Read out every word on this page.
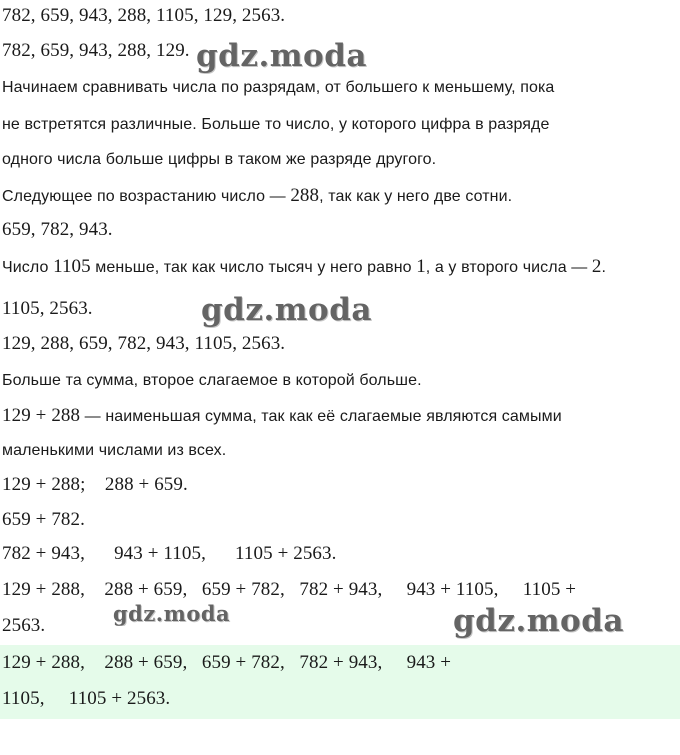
782, 659, 943, 288, 1105, 129, 2563.
782, 659, 943, 288, 129.
Начинаем сравнивать числа по разрядам, от большего к меньшему, пока
не встретятся различные. Больше то число, у которого цифра в разряде
одного числа больше цифры в таком же разряде другого.
Следующее по возрастанию число — 288, так как у него две сотни.
659, 782, 943.
Число 1105 меньше, так как число тысяч у него равно 1, а у второго числа — 2.
1105, 2563.
129, 288, 659, 782, 943, 1105, 2563.
Больше та сумма, второе слагаемое в которой больше.
129 + 288 — наименьшая сумма, так как её слагаемые являются самыми
маленькими числами из всех.
129 + 288;    288 + 659.
659 + 782.
782 + 943,      943 + 1105,      1105 + 2563.
129 + 288,    288 + 659,   659 + 782,   782 + 943,     943 + 1105,     1105 +
2563.
129 + 288,    288 + 659,   659 + 782,   782 + 943,     943 +
1105,     1105 + 2563.
gdz.moda
gdz.moda
gdz.moda	gdz.moda
